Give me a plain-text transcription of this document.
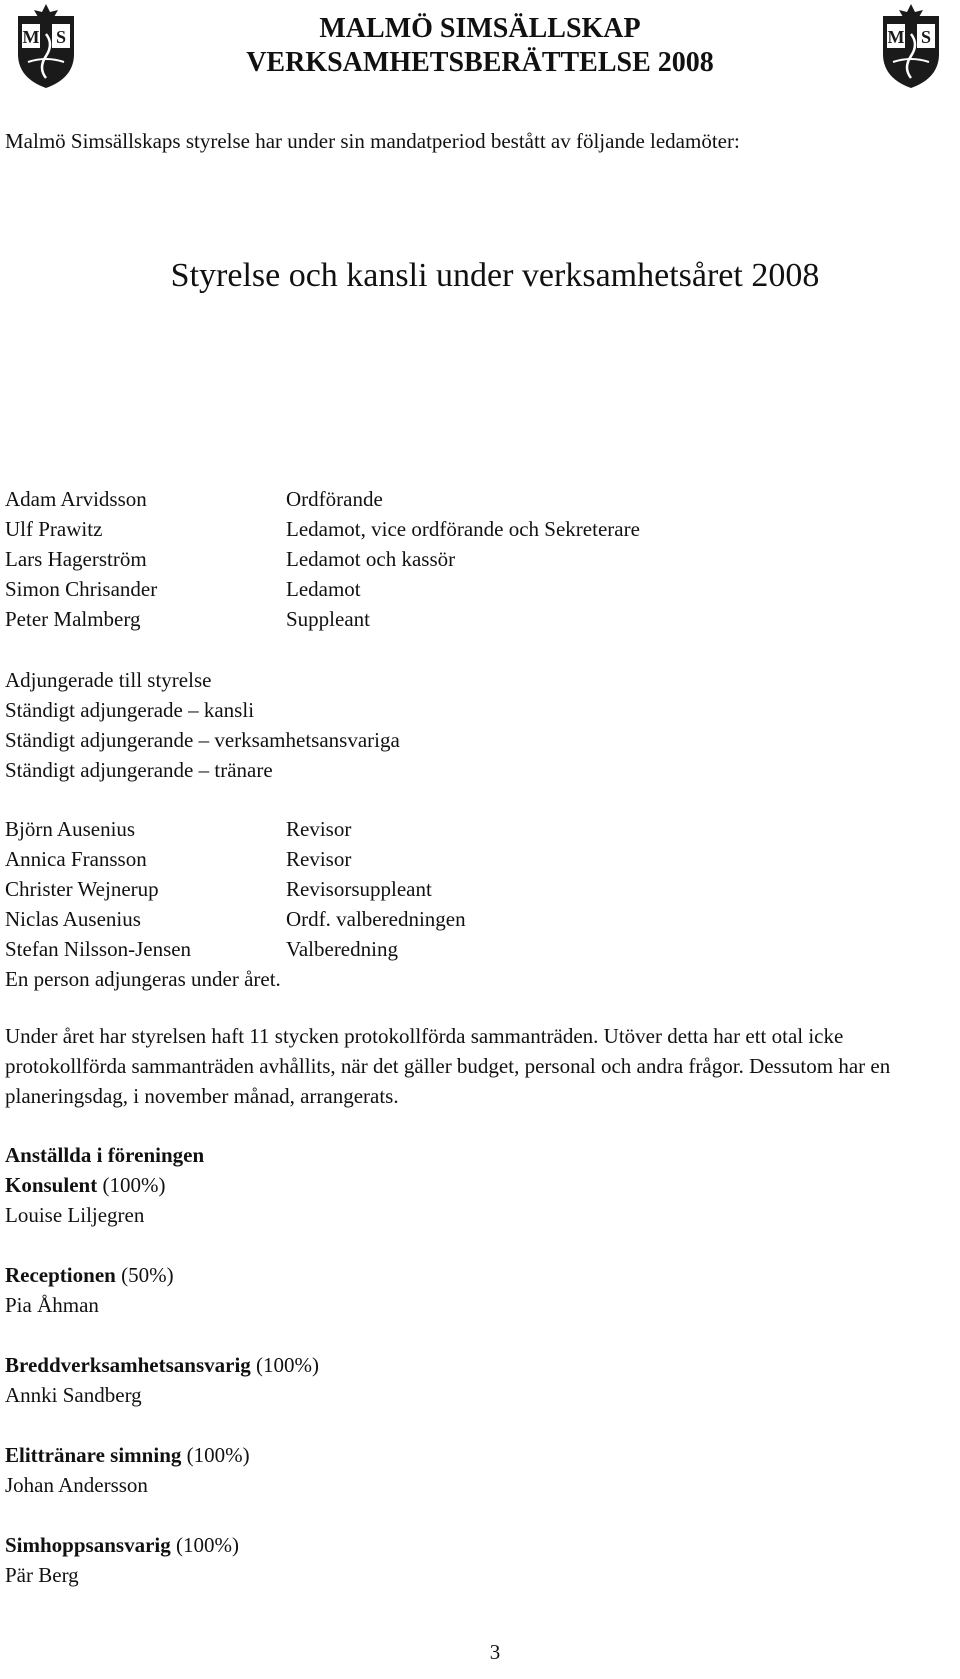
M S	M S
MALMÖ SIMSÄLLSKAP
VERKSAMHETSBERÄTTELSE 2008
Styrelse och kansli under verksamhetsåret 2008
Malmö Simsällskaps styrelse har under sin mandatperiod bestått av följande ledamöter:
Adam Arvidsson	Ordförande
Ulf Prawitz	Ledamot, vice ordförande och Sekreterare
Lars Hagerström	Ledamot och kassör
Simon Chrisander	Ledamot
Peter Malmberg	Suppleant
Adjungerade till styrelse
Ständigt adjungerade – kansli
Ständigt adjungerande – verksamhetsansvariga
Ständigt adjungerande – tränare
Björn Ausenius	Revisor
Annica Fransson	Revisor
Christer Wejnerup	Revisorsuppleant
Niclas Ausenius	Ordf. valberedningen
Stefan Nilsson-Jensen	Valberedning
En person adjungeras under året.
Under året har styrelsen haft 11 stycken protokollförda sammanträden. Utöver detta har ett otal icke protokollförda sammanträden avhållits, när det gäller budget, personal och andra frågor. Dessutom har en planeringsdag, i november månad, arrangerats.
Anställda i föreningen
Konsulent (100%)
Louise Liljegren
Receptionen (50%)
Pia Åhman
Breddverksamhetsansvarig (100%)
Annki Sandberg
Elittränare simning (100%)
Johan Andersson
Simhoppsansvarig (100%)
Pär Berg
3
